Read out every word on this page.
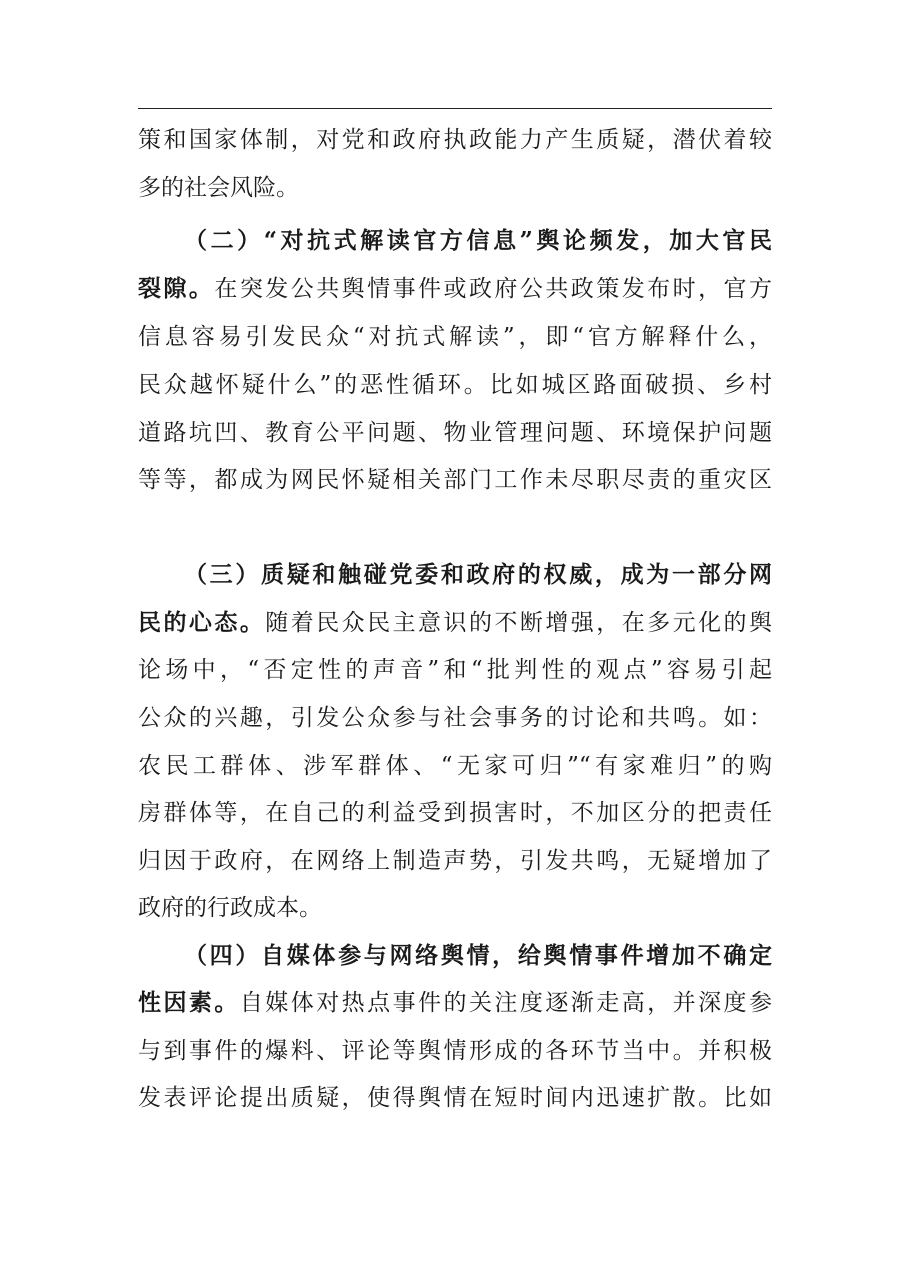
策和国家体制，对党和政府执政能力产生质疑，潜伏着较
多的社会风险。
（二）“对抗式解读官方信息”舆论频发，加大官民
裂隙。在突发公共舆情事件或政府公共政策发布时，官方
信息容易引发民众“对抗式解读”，即“官方解释什么，
民众越怀疑什么”的恶性循环。比如城区路面破损、乡村
道路坑凹、教育公平问题、物业管理问题、环境保护问题
等等，都成为网民怀疑相关部门工作未尽职尽责的重灾区
（三）质疑和触碰党委和政府的权威，成为一部分网
民的心态。随着民众民主意识的不断增强，在多元化的舆
论场中，“否定性的声音”和“批判性的观点”容易引起
公众的兴趣，引发公众参与社会事务的讨论和共鸣。如：
农民工群体、涉军群体、“无家可归”“有家难归”的购
房群体等，在自己的利益受到损害时，不加区分的把责任
归因于政府，在网络上制造声势，引发共鸣，无疑增加了
政府的行政成本。
（四）自媒体参与网络舆情，给舆情事件增加不确定
性因素。自媒体对热点事件的关注度逐渐走高，并深度参
与到事件的爆料、评论等舆情形成的各环节当中。并积极
发表评论提出质疑，使得舆情在短时间内迅速扩散。比如
